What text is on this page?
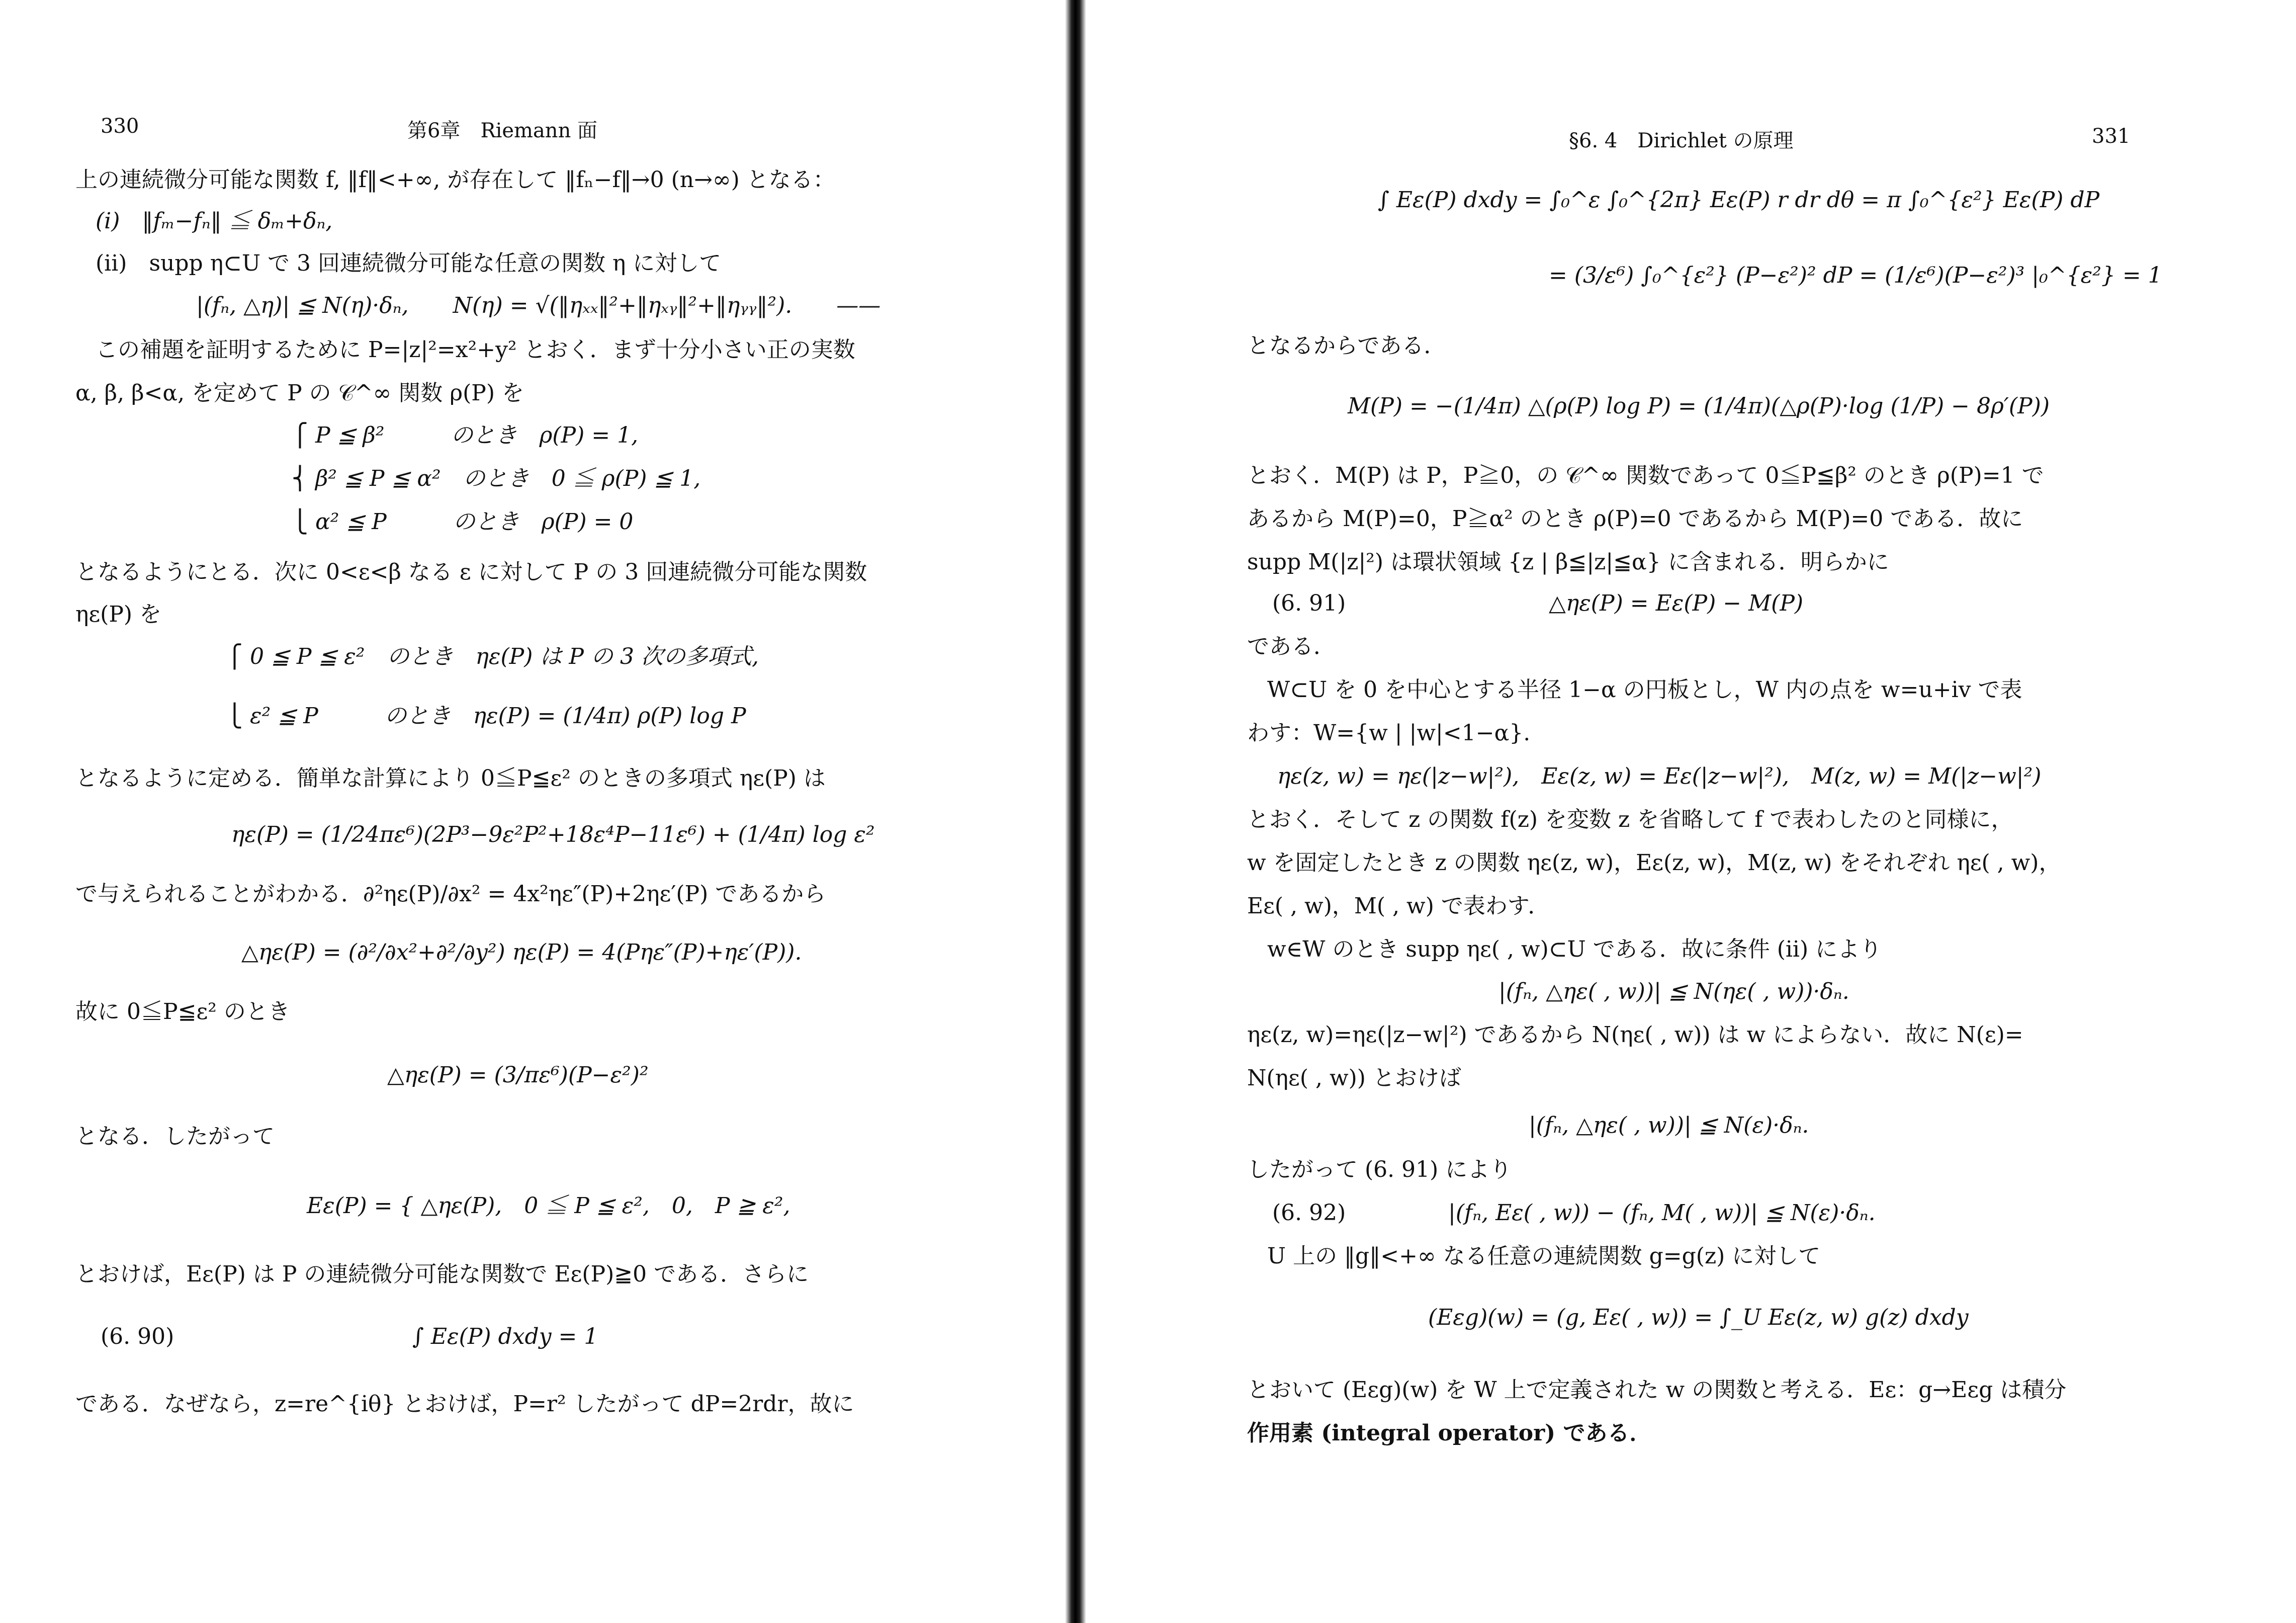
330	第6章　Riemann 面
上の連続微分可能な関数 f, ‖f‖<+∞, が存在して ‖fₙ−f‖→0 (n→∞) となる：
(i)　‖fₘ−fₙ‖ ≦ δₘ+δₙ,
(ii)　supp η⊂U で 3 回連続微分可能な任意の関数 η に対して
|(fₙ, △η)| ≦ N(η)·δₙ,　　N(η) = √(‖ηₓₓ‖²+‖ηₓᵧ‖²+‖ηᵧᵧ‖²).　　——
この補題を証明するために P=|z|²=x²+y² とおく．まず十分小さい正の実数
α, β, β<α, を定めて P の 𝒞^∞ 関数 ρ(P) を
⎧ P ≦ β²　　　のとき　ρ(P) = 1,
⎨ β² ≦ P ≦ α²　のとき　0 ≦ ρ(P) ≦ 1,
⎩ α² ≦ P　　　のとき　ρ(P) = 0
となるようにとる．次に 0<ε<β なる ε に対して P の 3 回連続微分可能な関数
ηε(P) を
⎧ 0 ≦ P ≦ ε²　のとき　ηε(P) は P の 3 次の多項式,
⎩ ε² ≦ P　　　のとき　ηε(P) = (1/4π) ρ(P) log P
となるように定める．簡単な計算により 0≦P≦ε² のときの多項式 ηε(P) は
ηε(P) = (1/24πε⁶)(2P³−9ε²P²+18ε⁴P−11ε⁶) + (1/4π) log ε²
で与えられることがわかる．∂²ηε(P)/∂x² = 4x²ηε″(P)+2ηε′(P) であるから
△ηε(P) = (∂²/∂x²+∂²/∂y²) ηε(P) = 4(Pηε″(P)+ηε′(P)).
故に 0≦P≦ε² のとき
△ηε(P) = (3/πε⁶)(P−ε²)²
となる．したがって
Eε(P) = { △ηε(P),　0 ≦ P ≦ ε²,　0,　P ≧ ε²,
とおけば，Eε(P) は P の連続微分可能な関数で Eε(P)≧0 である．さらに
(6. 90)	∫ Eε(P) dxdy = 1
である．なぜなら，z=re^{iθ} とおけば，P=r² したがって dP=2rdr，故に
§6. 4　Dirichlet の原理	331
∫ Eε(P) dxdy = ∫₀^ε ∫₀^{2π} Eε(P) r dr dθ = π ∫₀^{ε²} Eε(P) dP
= (3/ε⁶) ∫₀^{ε²} (P−ε²)² dP = (1/ε⁶)(P−ε²)³ |₀^{ε²} = 1
となるからである．
M(P) = −(1/4π) △(ρ(P) log P) = (1/4π)(△ρ(P)·log (1/P) − 8ρ′(P))
とおく．M(P) は P，P≧0，の 𝒞^∞ 関数であって 0≦P≦β² のとき ρ(P)=1 で
あるから M(P)=0，P≧α² のとき ρ(P)=0 であるから M(P)=0 である．故に
supp M(|z|²) は環状領域 {z | β≦|z|≦α} に含まれる．明らかに
(6. 91)	△ηε(P) = Eε(P) − M(P)
である．
W⊂U を 0 を中心とする半径 1−α の円板とし，W 内の点を w=u+iv で表
わす：W={w | |w|<1−α}.
ηε(z, w) = ηε(|z−w|²),　Eε(z, w) = Eε(|z−w|²),　M(z, w) = M(|z−w|²)
とおく．そして z の関数 f(z) を変数 z を省略して f で表わしたのと同様に，
w を固定したとき z の関数 ηε(z, w)，Eε(z, w)，M(z, w) をそれぞれ ηε( , w)，
Eε( , w)，M( , w) で表わす．
w∈W のとき supp ηε( , w)⊂U である．故に条件 (ii) により
|(fₙ, △ηε( , w))| ≦ N(ηε( , w))·δₙ.
ηε(z, w)=ηε(|z−w|²) であるから N(ηε( , w)) は w によらない．故に N(ε)=
N(ηε( , w)) とおけば
|(fₙ, △ηε( , w))| ≦ N(ε)·δₙ.
したがって (6. 91) により
(6. 92)	|(fₙ, Eε( , w)) − (fₙ, M( , w))| ≦ N(ε)·δₙ.
U 上の ‖g‖<+∞ なる任意の連続関数 g=g(z) に対して
(Eεg)(w) = (g, Eε( , w)) = ∫_U Eε(z, w) g(z) dxdy
とおいて (Eεg)(w) を W 上で定義された w の関数と考える．Eε：g→Eεg は積分
作用素 (integral operator) である．
